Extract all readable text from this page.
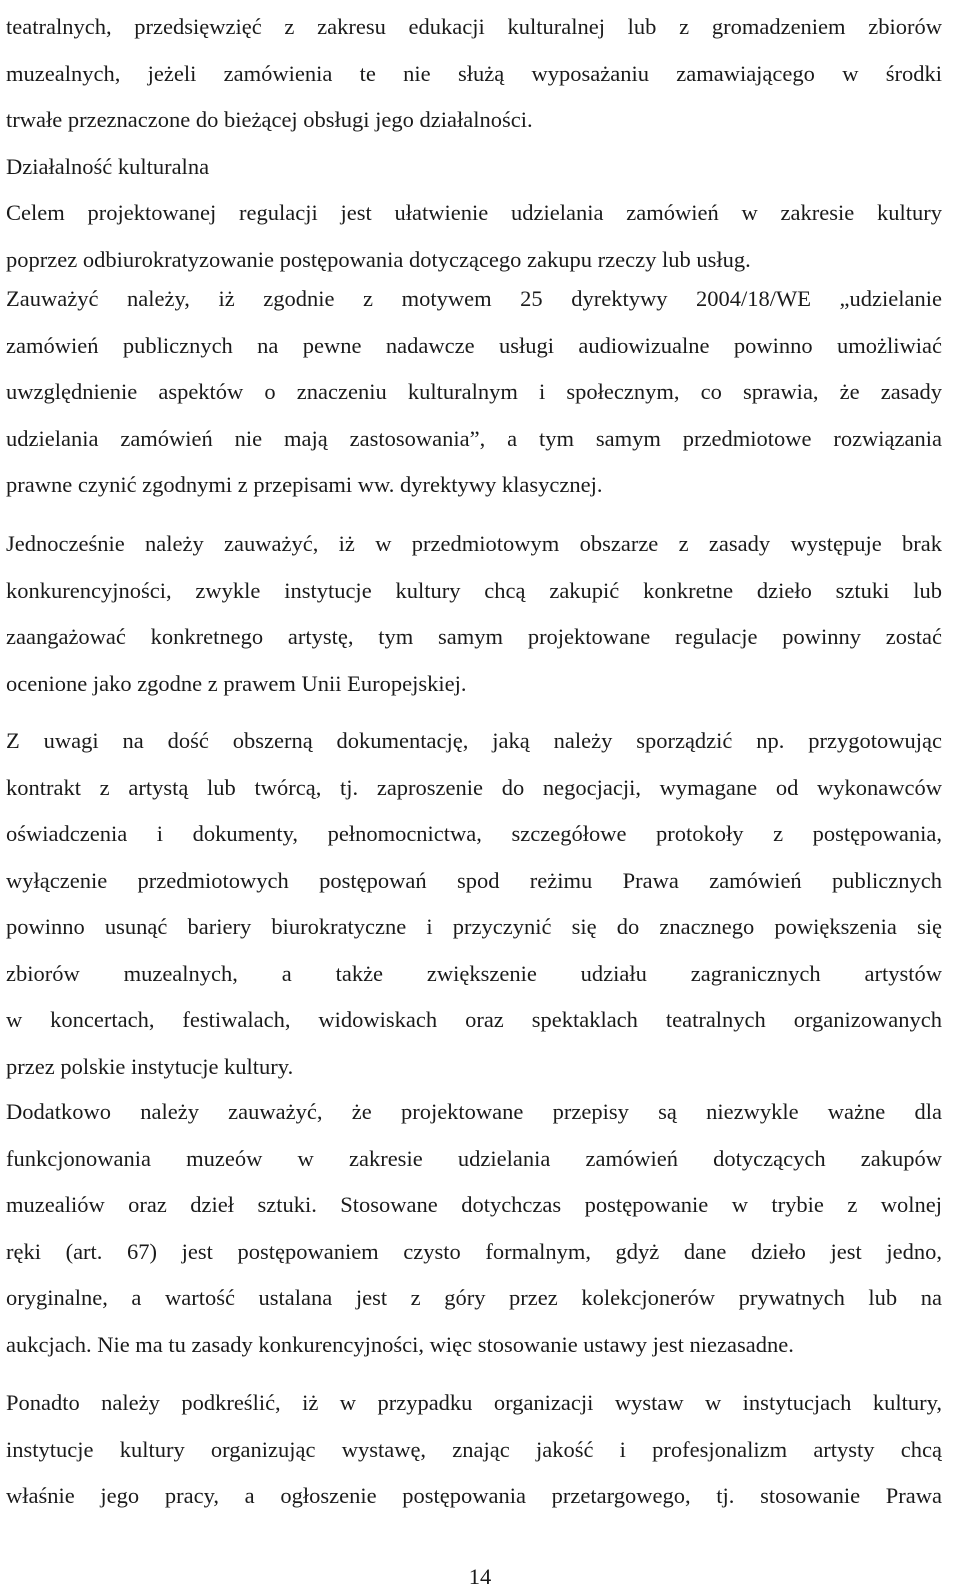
teatralnych, przedsięwzięć z zakresu edukacji kulturalnej lub z gromadzeniem zbiorów
muzealnych, jeżeli zamówienia te nie służą wyposażaniu zamawiającego w środki
trwałe przeznaczone do bieżącej obsługi jego działalności.
Działalność kulturalna
Celem projektowanej regulacji jest ułatwienie udzielania zamówień w zakresie kultury
poprzez odbiurokratyzowanie postępowania dotyczącego zakupu rzeczy lub usług.
Zauważyć należy, iż zgodnie z motywem 25 dyrektywy 2004/18/WE „udzielanie
zamówień publicznych na pewne nadawcze usługi audiowizualne powinno umożliwiać
uwzględnienie aspektów o znaczeniu kulturalnym i społecznym, co sprawia, że zasady
udzielania zamówień nie mają zastosowania”, a tym samym przedmiotowe rozwiązania
prawne czynić zgodnymi z przepisami ww. dyrektywy klasycznej.
Jednocześnie należy zauważyć, iż w przedmiotowym obszarze z zasady występuje brak
konkurencyjności, zwykle instytucje kultury chcą zakupić konkretne dzieło sztuki lub
zaangażować konkretnego artystę, tym samym projektowane regulacje powinny zostać
ocenione jako zgodne z prawem Unii Europejskiej.
Z uwagi na dość obszerną dokumentację, jaką należy sporządzić np. przygotowując
kontrakt z artystą lub twórcą, tj. zaproszenie do negocjacji, wymagane od wykonawców
oświadczenia i dokumenty, pełnomocnictwa, szczegółowe protokoły z postępowania,
wyłączenie przedmiotowych postępowań spod reżimu Prawa zamówień publicznych
powinno usunąć bariery biurokratyczne i przyczynić się do znacznego powiększenia się
zbiorów muzealnych, a także zwiększenie udziału zagranicznych artystów
w koncertach, festiwalach, widowiskach oraz spektaklach teatralnych organizowanych
przez polskie instytucje kultury.
Dodatkowo należy zauważyć, że projektowane przepisy są niezwykle ważne dla
funkcjonowania muzeów w zakresie udzielania zamówień dotyczących zakupów
muzealiów oraz dzieł sztuki. Stosowane dotychczas postępowanie w trybie z wolnej
ręki (art. 67) jest postępowaniem czysto formalnym, gdyż dane dzieło jest jedno,
oryginalne, a wartość ustalana jest z góry przez kolekcjonerów prywatnych lub na
aukcjach. Nie ma tu zasady konkurencyjności, więc stosowanie ustawy jest niezasadne.
Ponadto należy podkreślić, iż w przypadku organizacji wystaw w instytucjach kultury,
instytucje kultury organizując wystawę, znając jakość i profesjonalizm artysty chcą
właśnie jego pracy, a ogłoszenie postępowania przetargowego, tj. stosowanie Prawa
14
